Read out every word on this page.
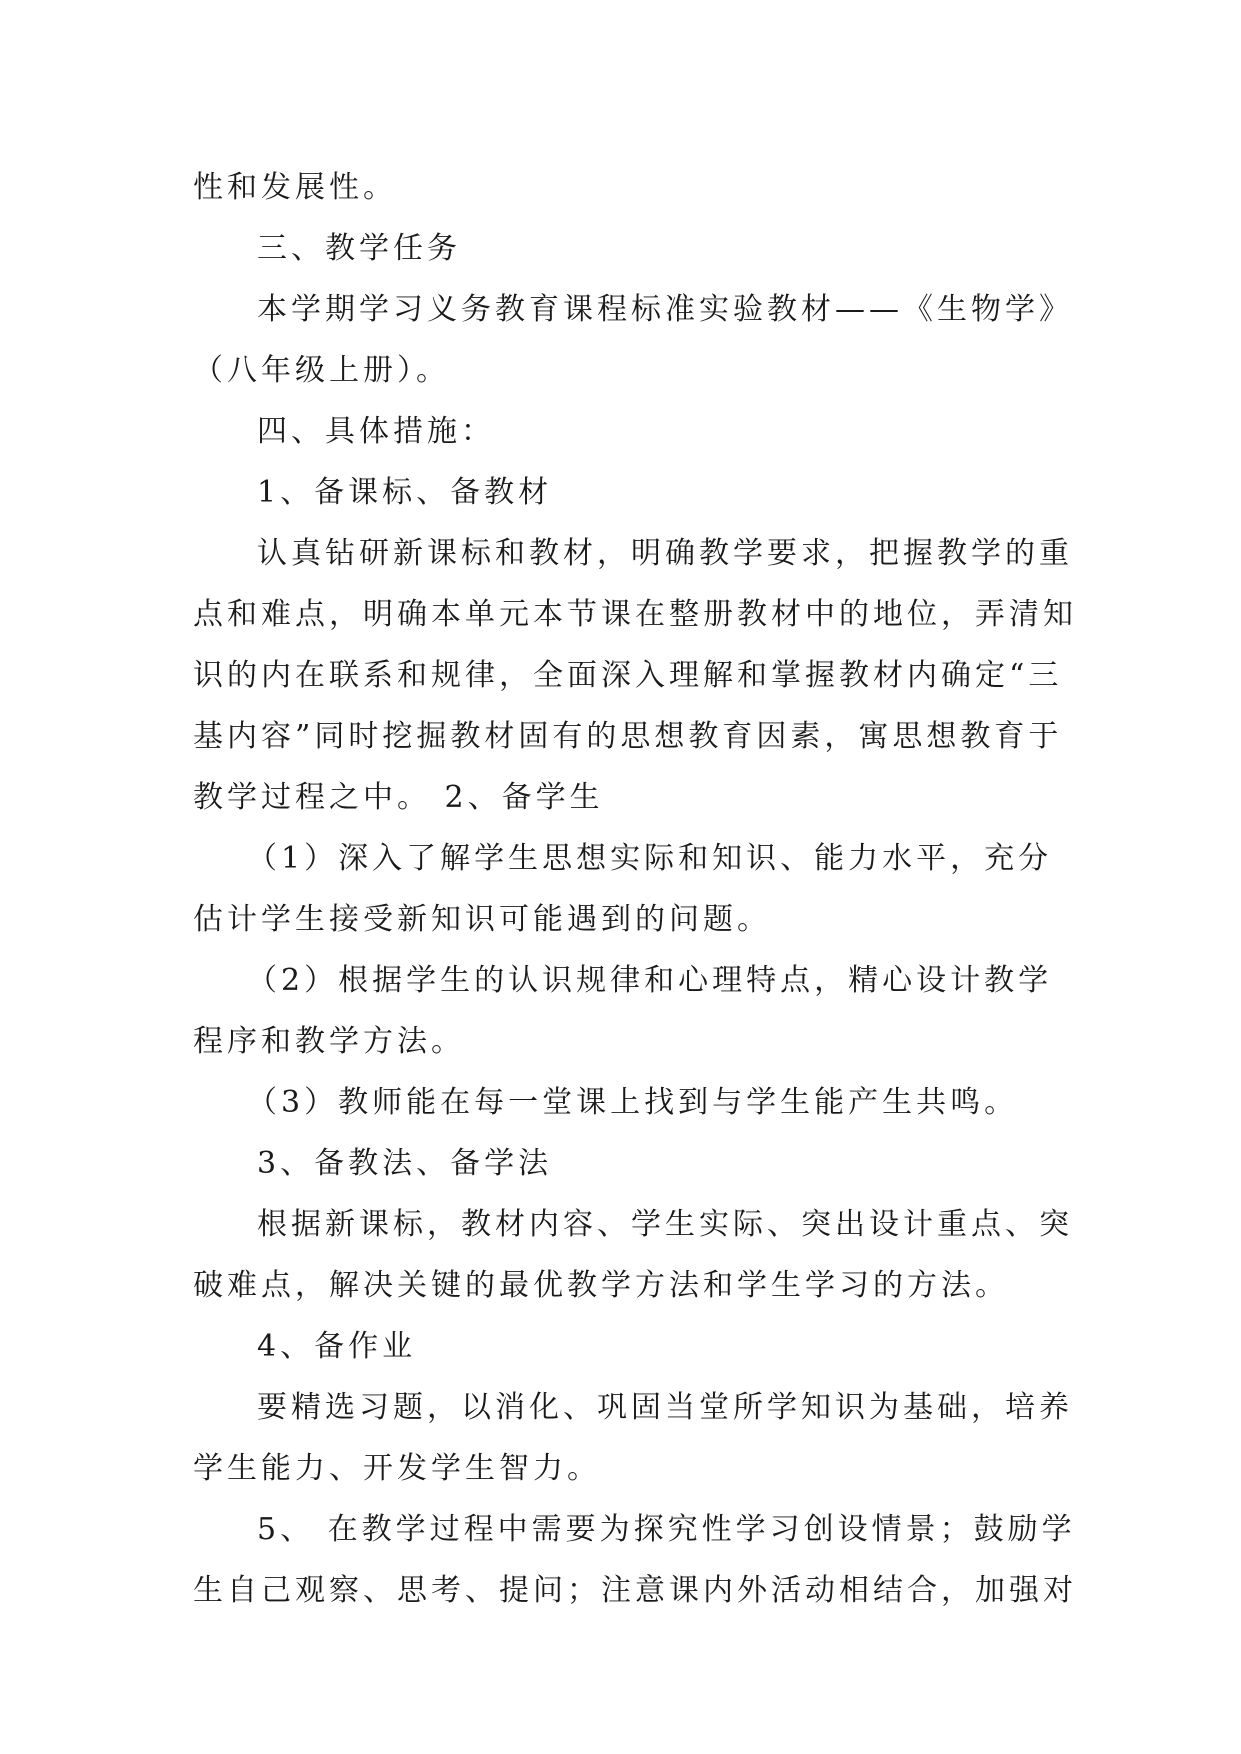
性和发展性。
三、教学任务
本学期学习义务教育课程标准实验教材——《生物学》
（八年级上册）。
四、具体措施：
1、备课标、备教材
认真钻研新课标和教材，明确教学要求，把握教学的重
点和难点，明确本单元本节课在整册教材中的地位，弄清知
识的内在联系和规律，全面深入理解和掌握教材内确定“三
基内容”同时挖掘教材固有的思想教育因素，寓思想教育于
教学过程之中。 2、备学生
（1）深入了解学生思想实际和知识、能力水平，充分
估计学生接受新知识可能遇到的问题。
（2）根据学生的认识规律和心理特点，精心设计教学
程序和教学方法。
（3）教师能在每一堂课上找到与学生能产生共鸣。
3、备教法、备学法
根据新课标，教材内容、学生实际、突出设计重点、突
破难点，解决关键的最优教学方法和学生学习的方法。
4、备作业
要精选习题，以消化、巩固当堂所学知识为基础，培养
学生能力、开发学生智力。
5、 在教学过程中需要为探究性学习创设情景；鼓励学
生自己观察、思考、提问；注意课内外活动相结合，加强对
